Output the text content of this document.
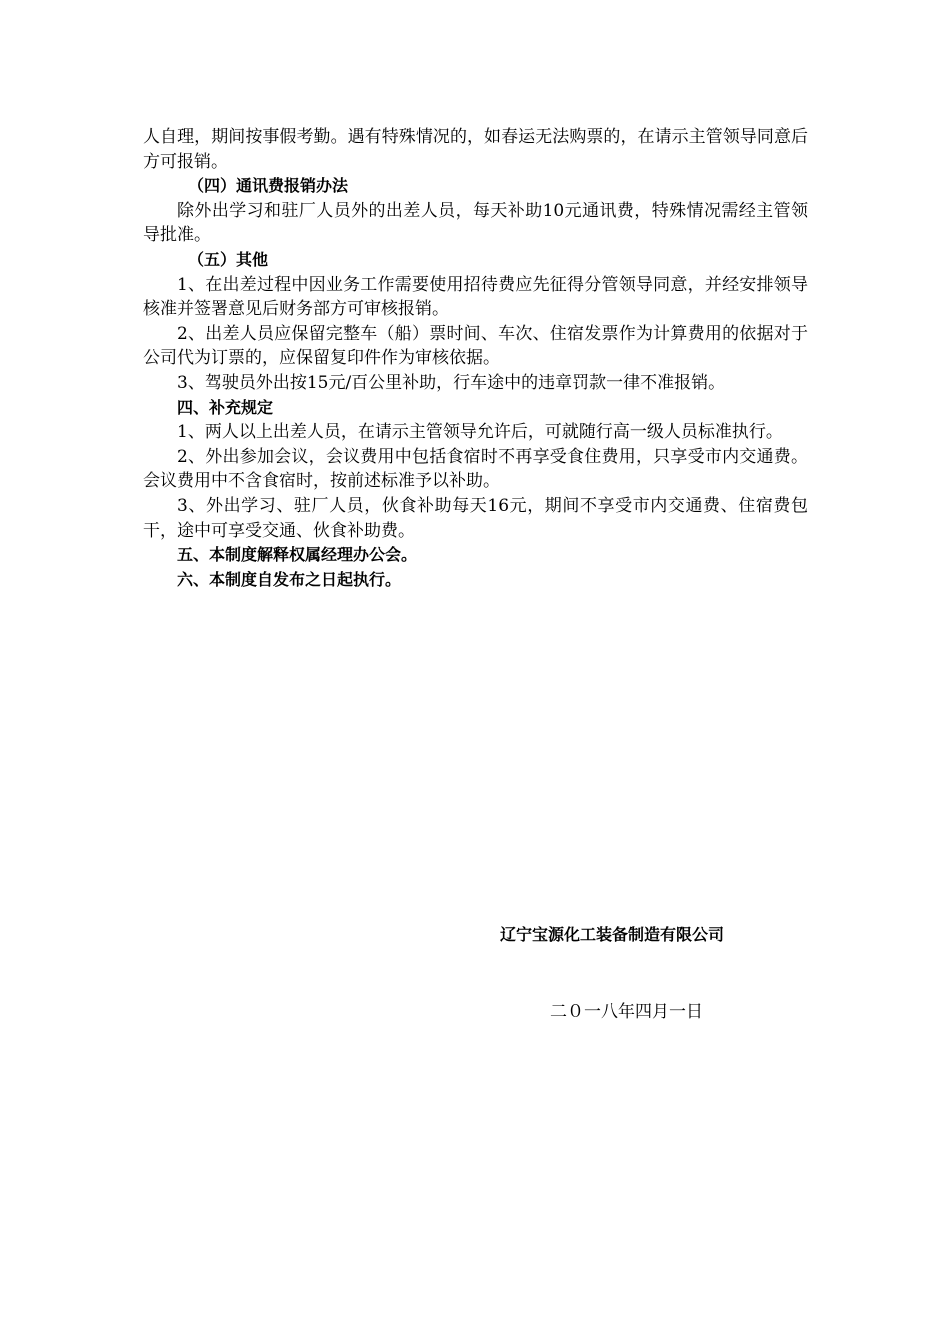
人自理，期间按事假考勤。遇有特殊情况的，如春运无法购票的，在请示主管领导同意后方可报销。

（四）通讯费报销办法

除外出学习和驻厂人员外的出差人员，每天补助10元通讯费，特殊情况需经主管领导批准。

（五）其他

1、在出差过程中因业务工作需要使用招待费应先征得分管领导同意，并经安排领导核准并签署意见后财务部方可审核报销。

2、出差人员应保留完整车（船）票时间、车次、住宿发票作为计算费用的依据对于公司代为订票的，应保留复印件作为审核依据。

3、驾驶员外出按15元/百公里补助，行车途中的违章罚款一律不准报销。

四、补充规定

1、两人以上出差人员，在请示主管领导允许后，可就随行高一级人员标准执行。

2、外出参加会议，会议费用中包括食宿时不再享受食住费用，只享受市内交通费。会议费用中不含食宿时，按前述标准予以补助。

3、外出学习、驻厂人员，伙食补助每天16元，期间不享受市内交通费、住宿费包干，途中可享受交通、伙食补助费。

五、本制度解释权属经理办公会。

六、本制度自发布之日起执行。

辽宁宝源化工装备制造有限公司
二０一八年四月一日
